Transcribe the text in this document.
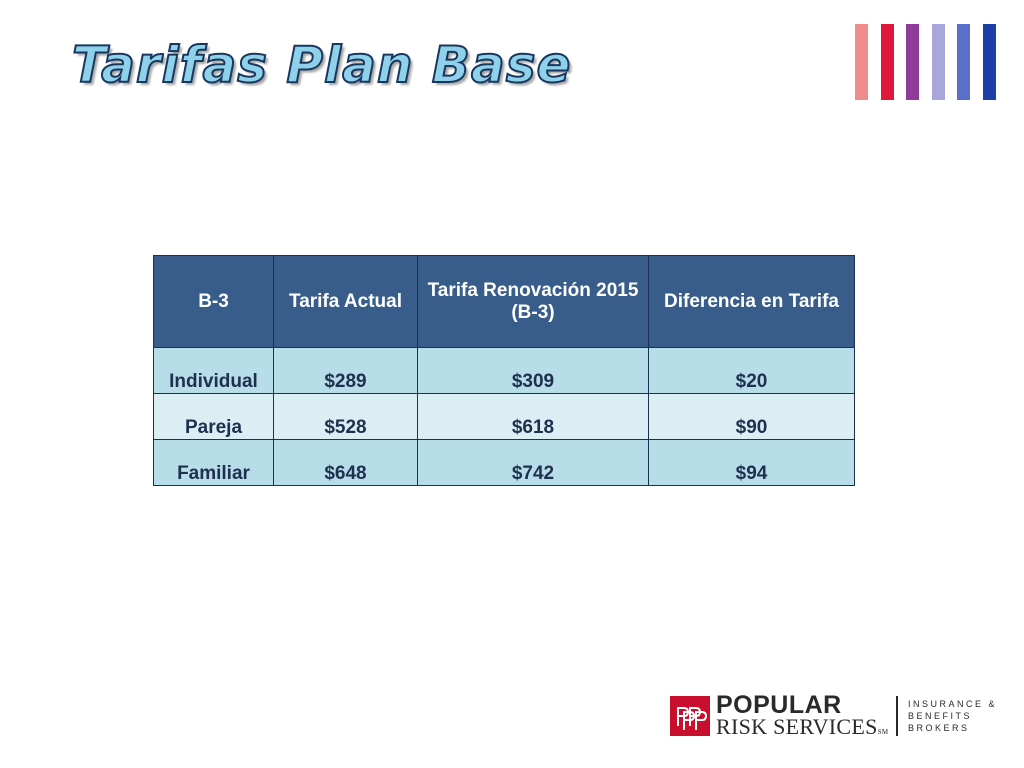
Tarifas Plan Base
B-3	Tarifa Actual	Tarifa Renovación 2015 (B-3)	Diferencia en Tarifa
Individual	$289	$309	$20
Pareja	$528	$618	$90
Familiar	$648	$742	$94
POPULAR
RISK SERVICESSM
INSURANCE &
BENEFITS
BROKERS
